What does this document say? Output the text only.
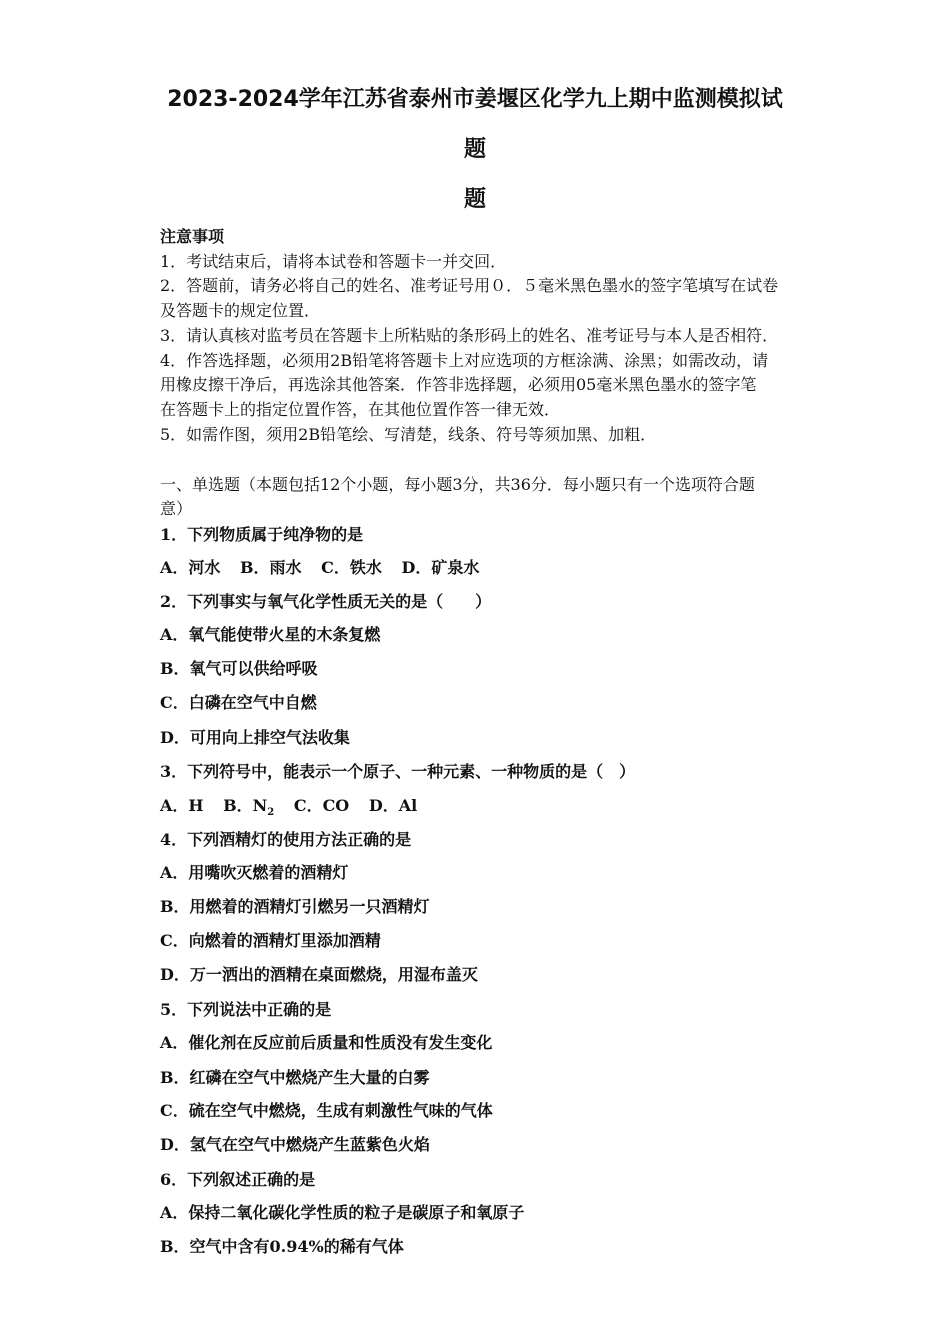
2023-2024学年江苏省泰州市姜堰区化学九上期中监测模拟试
题
题
注意事项
1．考试结束后，请将本试卷和答题卡一并交回．
2．答题前，请务必将自己的姓名、准考证号用０．５毫米黑色墨水的签字笔填写在试卷
及答题卡的规定位置．
3．请认真核对监考员在答题卡上所粘贴的条形码上的姓名、准考证号与本人是否相符．
4．作答选择题，必须用2B铅笔将答题卡上对应选项的方框涂满、涂黑；如需改动，请
用橡皮擦干净后，再选涂其他答案．作答非选择题，必须用05毫米黑色墨水的签字笔
在答题卡上的指定位置作答，在其他位置作答一律无效．
5．如需作图，须用2B铅笔绘、写清楚，线条、符号等须加黑、加粗．
一、单选题（本题包括12个小题，每小题3分，共36分．每小题只有一个选项符合题
意）
1．下列物质属于纯净物的是
A．河水 B．雨水 C．铁水 D．矿泉水
2．下列事实与氧气化学性质无关的是（　　）
A．氧气能使带火星的木条复燃
B．氧气可以供给呼吸
C．白磷在空气中自燃
D．可用向上排空气法收集
3．下列符号中，能表示一个原子、一种元素、一种物质的是（　）
A．H B．$N_2$ C．CO D．Al
4．下列酒精灯的使用方法正确的是
A．用嘴吹灭燃着的酒精灯
B．用燃着的酒精灯引燃另一只酒精灯
C．向燃着的酒精灯里添加酒精
D．万一洒出的酒精在桌面燃烧，用湿布盖灭
5．下列说法中正确的是
A．催化剂在反应前后质量和性质没有发生变化
B．红磷在空气中燃烧产生大量的白雾
C．硫在空气中燃烧，生成有刺激性气味的气体
D．氢气在空气中燃烧产生蓝紫色火焰
6．下列叙述正确的是
A．保持二氧化碳化学性质的粒子是碳原子和氧原子
B．空气中含有0.94%的稀有气体
